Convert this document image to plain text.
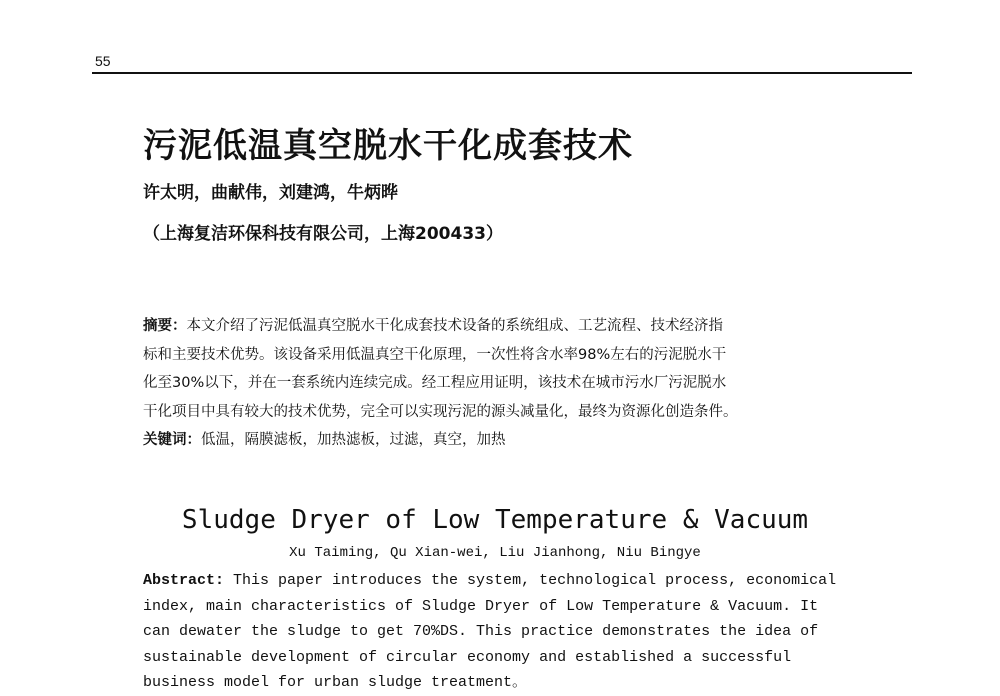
55
污泥低温真空脱水干化成套技术
许太明，曲献伟，刘建鸿，牛炳晔
（上海复洁环保科技有限公司，上海200433）
摘要：本文介绍了污泥低温真空脱水干化成套技术设备的系统组成、工艺流程、技术经济指
标和主要技术优势。该设备采用低温真空干化原理，一次性将含水率98%左右的污泥脱水干
化至30%以下，并在一套系统内连续完成。经工程应用证明，该技术在城市污水厂污泥脱水
干化项目中具有较大的技术优势，完全可以实现污泥的源头减量化，最终为资源化创造条件。
关键词：低温，隔膜滤板，加热滤板，过滤，真空，加热
Sludge Dryer of Low Temperature & Vacuum
Xu Taiming, Qu Xian-wei, Liu Jianhong, Niu Bingye
Abstract: This paper introduces the system, technological process, economical
index, main characteristics of Sludge Dryer of Low Temperature & Vacuum. It
can dewater the sludge to get 70%DS. This practice demonstrates the idea of
sustainable development of circular economy and established a successful
business model for urban sludge treatment。
